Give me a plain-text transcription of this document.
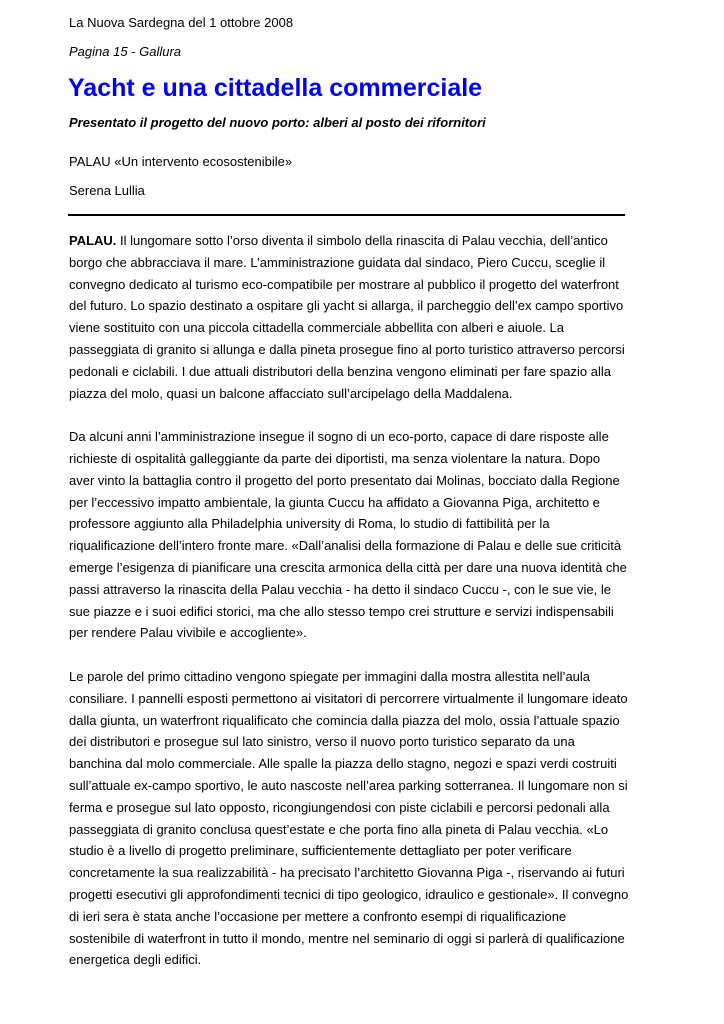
La Nuova Sardegna del 1 ottobre 2008
Pagina 15 - Gallura
Yacht e una cittadella commerciale

Presentato il progetto del nuovo porto: alberi al posto dei rifornitori

PALAU «Un intervento ecosostenibile»
Serena Lullia

PALAU. Il lungomare sotto l’orso diventa il simbolo della rinascita di Palau vecchia, dell’antico borgo che abbracciava il mare. L’amministrazione guidata dal sindaco, Piero Cuccu, sceglie il convegno dedicato al turismo eco-compatibile per mostrare al pubblico il progetto del waterfront del futuro. Lo spazio destinato a ospitare gli yacht si allarga, il parcheggio dell’ex campo sportivo viene sostituito con una piccola cittadella commerciale abbellita con alberi e aiuole. La passeggiata di granito si allunga e dalla pineta prosegue fino al porto turistico attraverso percorsi pedonali e ciclabili. I due attuali distributori della benzina vengono eliminati per fare spazio alla piazza del molo, quasi un balcone affacciato sull’arcipelago della Maddalena.

Da alcuni anni l’amministrazione insegue il sogno di un eco-porto, capace di dare risposte alle richieste di ospitalità galleggiante da parte dei diportisti, ma senza violentare la natura. Dopo aver vinto la battaglia contro il progetto del porto presentato dai Molinas, bocciato dalla Regione per l’eccessivo impatto ambientale, la giunta Cuccu ha affidato a Giovanna Piga, architetto e professore aggiunto alla Philadelphia university di Roma, lo studio di fattibilità per la riqualificazione dell’intero fronte mare. «Dall’analisi della formazione di Palau e delle sue criticità emerge l’esigenza di pianificare una crescita armonica della città per dare una nuova identità che passi attraverso la rinascita della Palau vecchia - ha detto il sindaco Cuccu -, con le sue vie, le sue piazze e i suoi edifici storici, ma che allo stesso tempo crei strutture e servizi indispensabili per rendere Palau vivibile e accogliente».

Le parole del primo cittadino vengono spiegate per immagini dalla mostra allestita nell’aula consiliare. I pannelli esposti permettono ai visitatori di percorrere virtualmente il lungomare ideato dalla giunta, un waterfront riqualificato che comincia dalla piazza del molo, ossia l’attuale spazio dei distributori e prosegue sul lato sinistro, verso il nuovo porto turistico separato da una banchina dal molo commerciale. Alle spalle la piazza dello stagno, negozi e spazi verdi costruiti sull’attuale ex-campo sportivo, le auto nascoste nell’area parking sotterranea. Il lungomare non si ferma e prosegue sul lato opposto, ricongiungendosi con piste ciclabili e percorsi pedonali alla passeggiata di granito conclusa quest’estate e che porta fino alla pineta di Palau vecchia. «Lo studio è a livello di progetto preliminare, sufficientemente dettagliato per poter verificare concretamente la sua realizzabilità - ha precisato l’architetto Giovanna Piga -, riservando ai futuri progetti esecutivi gli approfondimenti tecnici di tipo geologico, idraulico e gestionale». Il convegno di ieri sera è stata anche l’occasione per mettere a confronto esempi di riqualificazione sostenibile di waterfront in tutto il mondo, mentre nel seminario di oggi si parlerà di qualificazione energetica degli edifici.
